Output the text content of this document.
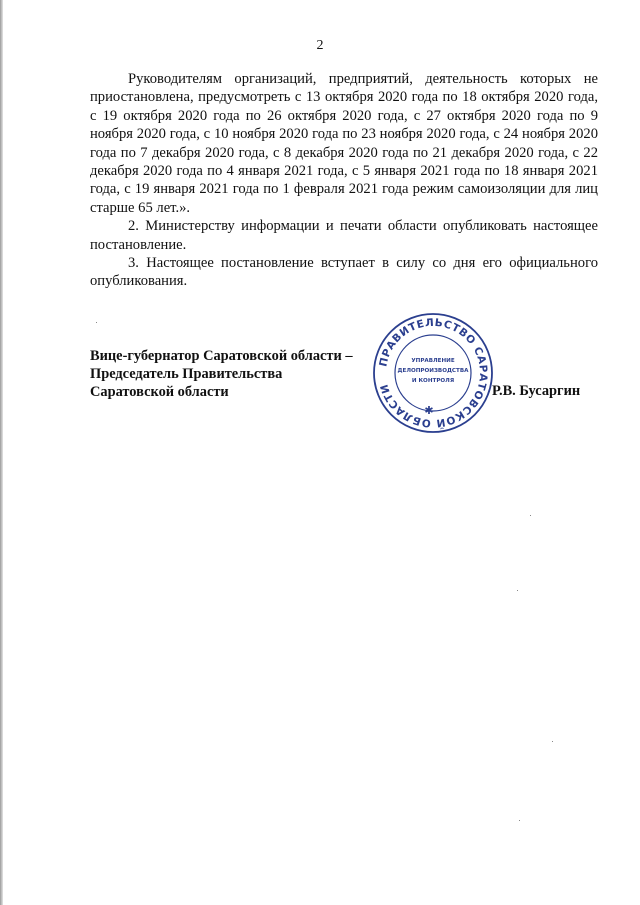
2

Руководителям организаций, предприятий, деятельность которых не приостановлена, предусмотреть с 13 октября 2020 года по 18 октября 2020 года, с 19 октября 2020 года по 26 октября 2020 года, с 27 октября 2020 года по 9 ноября 2020 года, с 10 ноября 2020 года по 23 ноября 2020 года, с 24 ноября 2020 года по 7 декабря 2020 года, с 8 декабря 2020 года по 21 декабря 2020 года, с 22 декабря 2020 года по 4 января 2021 года, с 5 января 2021 года по 18 января 2021 года, с 19 января 2021 года по 1 февраля 2021 года режим самоизоляции для лиц старше 65 лет.».

2. Министерству информации и печати области опубликовать настоящее постановление.

3. Настоящее постановление вступает в силу со дня его официального опубликования.

Вице-губернатор Саратовской области –
Председатель Правительства
Саратовской области	Р.В. Бусаргин
ПРАВИТЕЛЬСТВО САРАТОВСКОЙ ОБЛАСТИ
УПРАВЛЕНИЕ
ДЕЛОПРОИЗВОДСТВА
И КОНТРОЛЯ
✱
